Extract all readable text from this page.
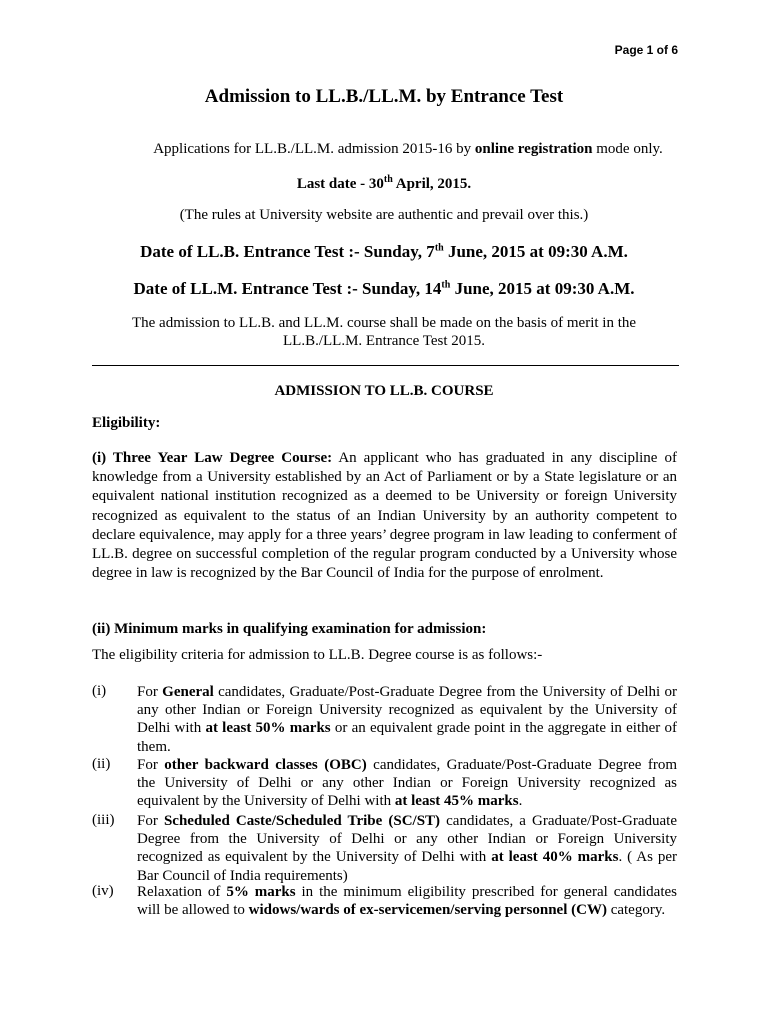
Page 1 of 6
Admission to LL.B./LL.M. by Entrance Test
Applications for LL.B./LL.M. admission 2015-16 by online registration mode only.
Last date - 30th April, 2015.
(The rules at University website are authentic and prevail over this.)
Date of LL.B. Entrance Test :- Sunday, 7th June, 2015 at 09:30 A.M.
Date of LL.M. Entrance Test :- Sunday, 14th June, 2015 at 09:30 A.M.
The admission to LL.B. and LL.M. course shall be made on the basis of merit in the
LL.B./LL.M. Entrance Test 2015.
ADMISSION TO LL.B. COURSE
Eligibility:
(i) Three Year Law Degree Course: An applicant who has graduated in any discipline of knowledge from a University established by an Act of Parliament or by a State legislature or an equivalent national institution recognized as a deemed to be University or foreign University recognized as equivalent to the status of an Indian University by an authority competent to declare equivalence, may apply for a three years’ degree program in law leading to conferment of LL.B. degree on successful completion of the regular program conducted by a University whose degree in law is recognized by the Bar Council of India for the purpose of enrolment.
(ii) Minimum marks in qualifying examination for admission:
The eligibility criteria for admission to LL.B. Degree course is as follows:-
(i) For General candidates, Graduate/Post-Graduate Degree from the University of Delhi or any other Indian or Foreign University recognized as equivalent by the University of Delhi with at least 50% marks or an equivalent grade point in the aggregate in either of them.
(ii) For other backward classes (OBC) candidates, Graduate/Post-Graduate Degree from the University of Delhi or any other Indian or Foreign University recognized as equivalent by the University of Delhi with at least 45% marks.
(iii) For Scheduled Caste/Scheduled Tribe (SC/ST) candidates, a Graduate/Post-Graduate Degree from the University of Delhi or any other Indian or Foreign University recognized as equivalent by the University of Delhi with at least 40% marks. ( As per Bar Council of India requirements)
(iv) Relaxation of 5% marks in the minimum eligibility prescribed for general candidates will be allowed to widows/wards of ex-servicemen/serving personnel (CW) category.
